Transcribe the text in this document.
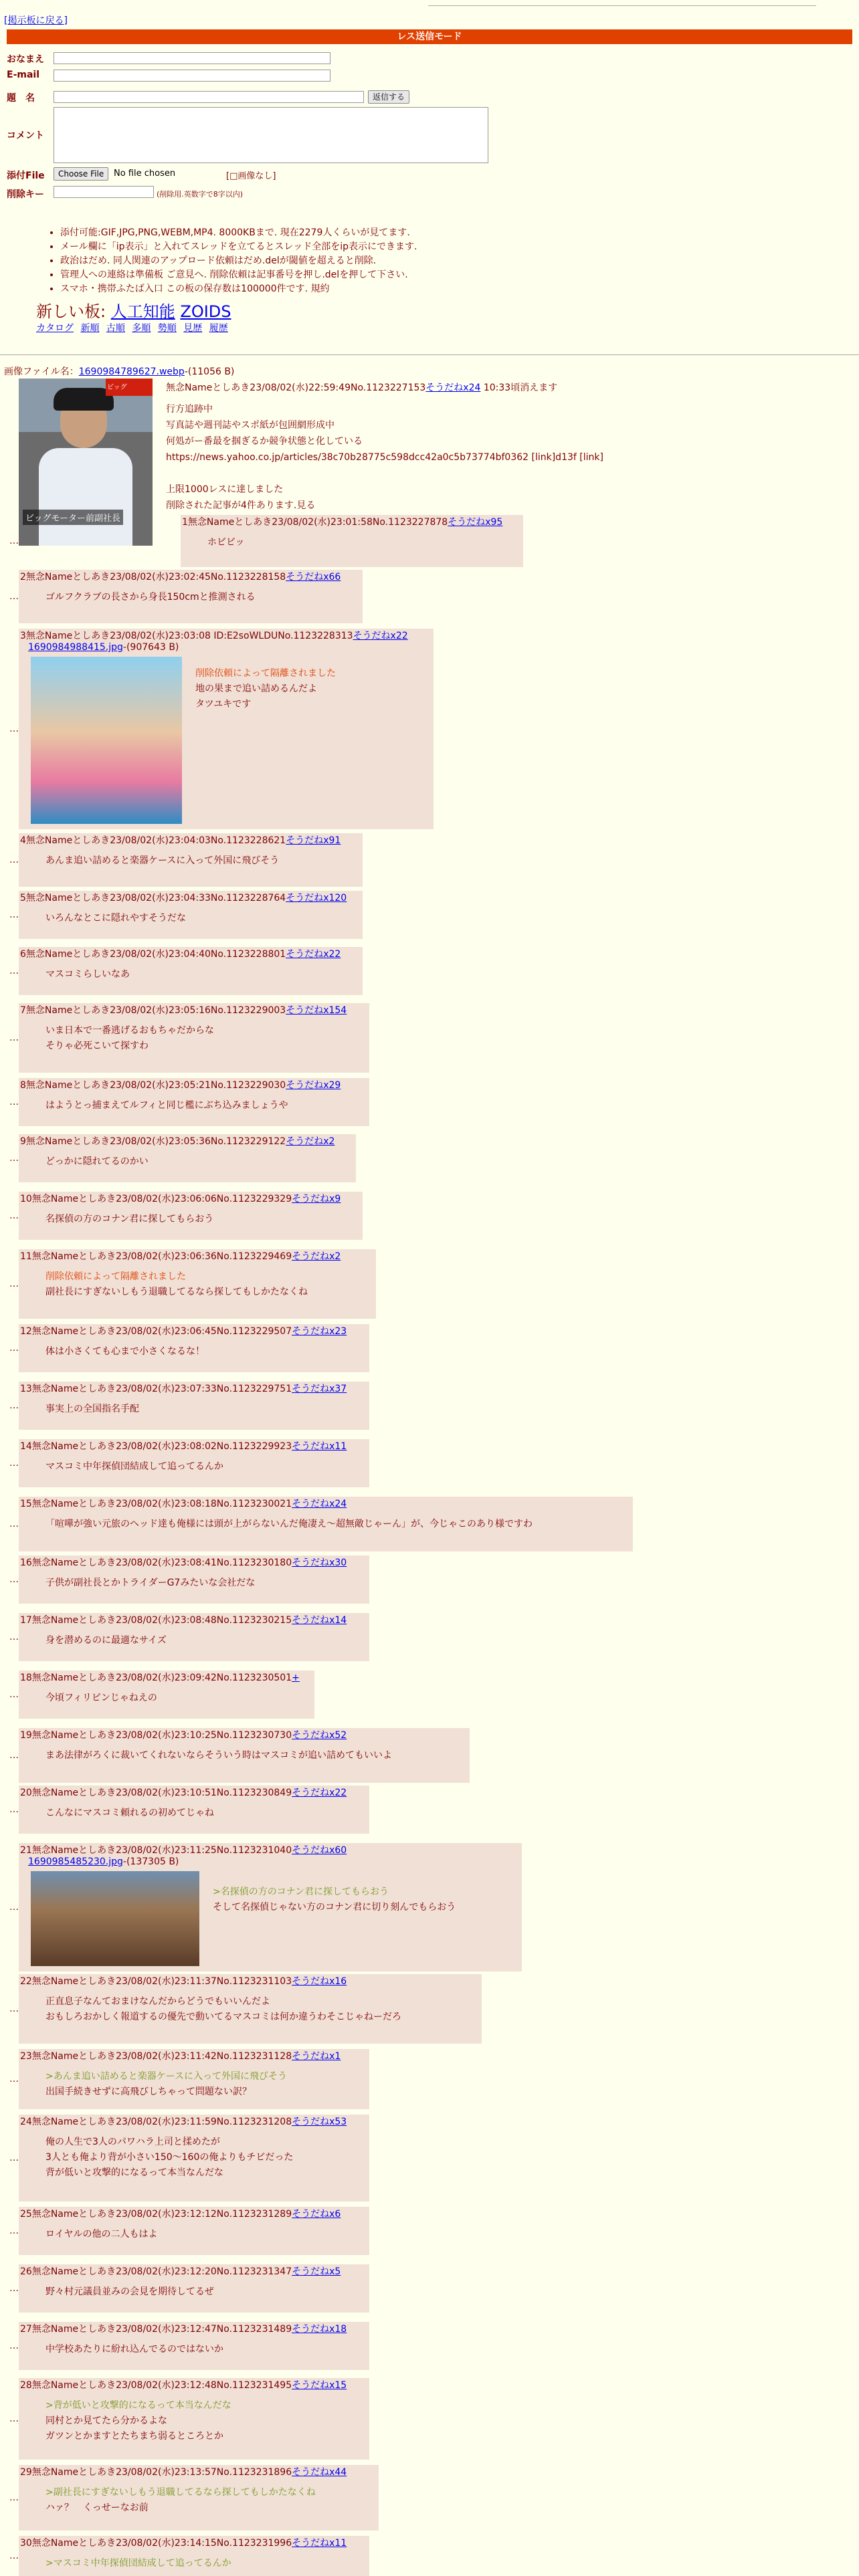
[掲示板に戻る]
レス送信モード
おなまえ
E-mail
題　名	返信する
コメント
添付File	Choose File	No file chosen	[□画像なし]
削除キー	(削除用.英数字で8字以内)
• 添付可能:GIF,JPG,PNG,WEBM,MP4. 8000KBまで. 現在2279人くらいが見てます.
• メール欄に「ip表示」と入れてスレッドを立てるとスレッド全部をip表示にできます.
• 政治はだめ. 同人関連のアップロード依頼はだめ.delが閾値を超えると削除.
• 管理人への連絡は準備板 ご意見へ. 削除依頼は記事番号を押し.delを押して下さい.
• スマホ・携帯ふたば入口 この板の保存数は100000件です. 規約
新しい板: 人工知能 ZOIDS
カタログ 新順 古順 多順 勢順 見歴 履歴
画像ファイル名：1690984789627.webp-(11056 B)
ビッグ
ビッグモーター前副社長
無念Nameとしあき23/08/02(水)22:59:49No.1123227153そうだねx24 10:33頃消えます
行方追跡中
写真誌や週刊誌やスポ紙が包囲網形成中
何処がー番最を掴ぎるか競争状態と化している
https://news.yahoo.co.jp/articles/38c70b28775c598dcc42a0c5b73774bf0362 [link]d13f [link]
上限1000レスに達しました
削除された記事が4件あります.見る
…
1無念Nameとしあき23/08/02(水)23:01:58No.1123227878そうだねx95
ホビビッ
…
2無念Nameとしあき23/08/02(水)23:02:45No.1123228158そうだねx66
ゴルフクラブの長さから身長150cmと推測される
…
3無念Nameとしあき23/08/02(水)23:03:08 ID:E2soWLDUNo.1123228313そうだねx22
1690984988415.jpg-(907643 B)
削除依頼によって隔離されました
地の果まで追い詰めるんだよ
タツユキです
…
4無念Nameとしあき23/08/02(水)23:04:03No.1123228621そうだねx91
あんま追い詰めると楽器ケースに入って外国に飛びそう
…
5無念Nameとしあき23/08/02(水)23:04:33No.1123228764そうだねx120
いろんなとこに隠れやすそうだな
…
6無念Nameとしあき23/08/02(水)23:04:40No.1123228801そうだねx22
マスコミらしいなあ
…
7無念Nameとしあき23/08/02(水)23:05:16No.1123229003そうだねx154
いま日本で一番逃げるおもちゃだからな
そりゃ必死こいて探すわ
…
8無念Nameとしあき23/08/02(水)23:05:21No.1123229030そうだねx29
はようとっ捕まえてルフィと同じ檻にぶち込みましょうや
…
9無念Nameとしあき23/08/02(水)23:05:36No.1123229122そうだねx2
どっかに隠れてるのかい
…
10無念Nameとしあき23/08/02(水)23:06:06No.1123229329そうだねx9
名探偵の方のコナン君に探してもらおう
…
11無念Nameとしあき23/08/02(水)23:06:36No.1123229469そうだねx2
削除依頼によって隔離されました
副社長にすぎないしもう退職してるなら探してもしかたなくね
…
12無念Nameとしあき23/08/02(水)23:06:45No.1123229507そうだねx23
体は小さくても心まで小さくなるな！
…
13無念Nameとしあき23/08/02(水)23:07:33No.1123229751そうだねx37
事実上の全国指名手配
…
14無念Nameとしあき23/08/02(水)23:08:02No.1123229923そうだねx11
マスコミ中年探偵団結成して追ってるんか
…
15無念Nameとしあき23/08/02(水)23:08:18No.1123230021そうだねx24
「喧嘩が強い元旅のヘッド達も俺様には頭が上がらないんだ俺凄え～超無敵じゃーん」が、今じゃこのあり様ですわ
…
16無念Nameとしあき23/08/02(水)23:08:41No.1123230180そうだねx30
子供が副社長とかトライダーG7みたいな会社だな
…
17無念Nameとしあき23/08/02(水)23:08:48No.1123230215そうだねx14
身を潜めるのに最適なサイズ
…
18無念Nameとしあき23/08/02(水)23:09:42No.1123230501+
今頃フィリピンじゃねえの
…
19無念Nameとしあき23/08/02(水)23:10:25No.1123230730そうだねx52
まあ法律がろくに裁いてくれないならそういう時はマスコミが追い詰めてもいいよ
…
20無念Nameとしあき23/08/02(水)23:10:51No.1123230849そうだねx22
こんなにマスコミ頼れるの初めてじゃね
…
21無念Nameとしあき23/08/02(水)23:11:25No.1123231040そうだねx60
1690985485230.jpg-(137305 B)
>名探偵の方のコナン君に探してもらおう
そして名探偵じゃない方のコナン君に切り刻んでもらおう
…
22無念Nameとしあき23/08/02(水)23:11:37No.1123231103そうだねx16
正直息子なんておまけなんだからどうでもいいんだよ
おもしろおかしく報道するの優先で動いてるマスコミは何か違うわそこじゃねーだろ
…
23無念Nameとしあき23/08/02(水)23:11:42No.1123231128そうだねx1
>あんま追い詰めると楽器ケースに入って外国に飛びそう
出国手続きせずに高飛びしちゃって問題ない訳？
…
24無念Nameとしあき23/08/02(水)23:11:59No.1123231208そうだねx53
俺の人生で3人のパワハラ上司と揉めたが
3人とも俺より背が小さい150～160の俺よりもチビだった
背が低いと攻撃的になるって本当なんだな
…
25無念Nameとしあき23/08/02(水)23:12:12No.1123231289そうだねx6
ロイヤルの他の二人もはよ
…
26無念Nameとしあき23/08/02(水)23:12:20No.1123231347そうだねx5
野々村元議員並みの会見を期待してるぜ
…
27無念Nameとしあき23/08/02(水)23:12:47No.1123231489そうだねx18
中学校あたりに紛れ込んでるのではないか
…
28無念Nameとしあき23/08/02(水)23:12:48No.1123231495そうだねx15
>背が低いと攻撃的になるって本当なんだな
同村とか見てたら分かるよな
ガツンとかますとたちまち弱るところとか
…
29無念Nameとしあき23/08/02(水)23:13:57No.1123231896そうだねx44
>副社長にすぎないしもう退職してるなら探してもしかたなくね
ハァ？　くっせーなお前
…
30無念Nameとしあき23/08/02(水)23:14:15No.1123231996そうだねx11
>マスコミ中年探偵団結成して追ってるんか
